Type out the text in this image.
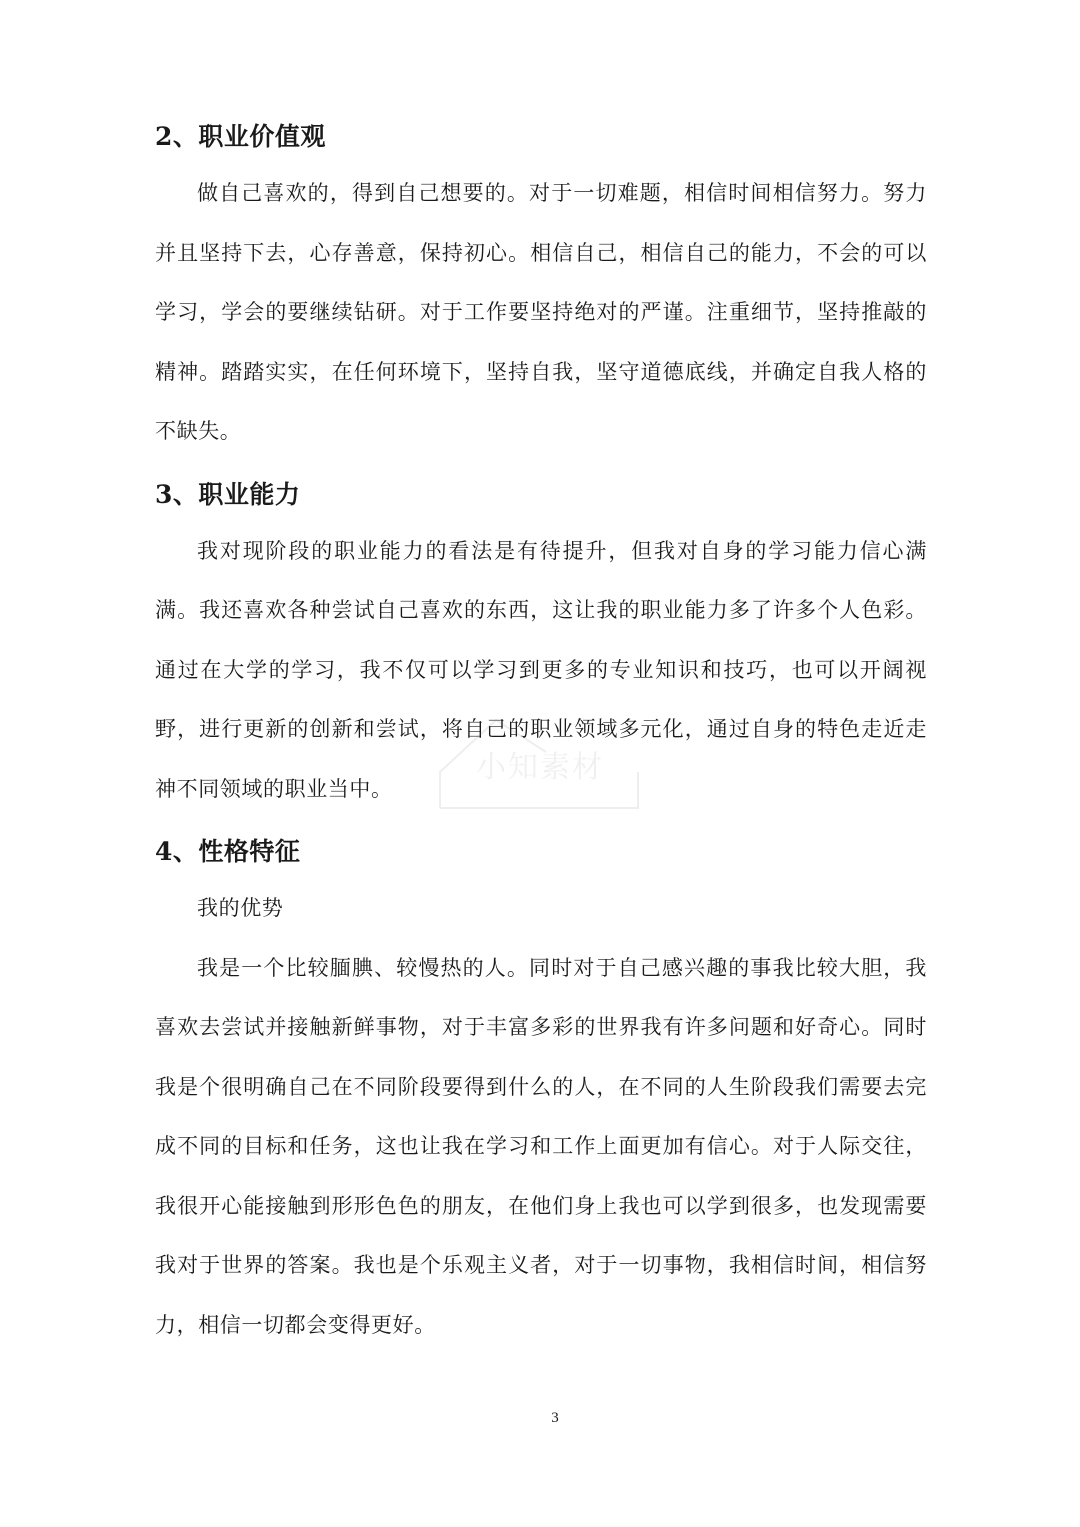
2、职业价值观

做自己喜欢的，得到自己想要的。对于一切难题，相信时间相信努力。努力并且坚持下去，心存善意，保持初心。相信自己，相信自己的能力，不会的可以学习，学会的要继续钻研。对于工作要坚持绝对的严谨。注重细节，坚持推敲的精神。踏踏实实，在任何环境下，坚持自我，坚守道德底线，并确定自我人格的不缺失。

3、职业能力

我对现阶段的职业能力的看法是有待提升，但我对自身的学习能力信心满满。我还喜欢各种尝试自己喜欢的东西，这让我的职业能力多了许多个人色彩。通过在大学的学习，我不仅可以学习到更多的专业知识和技巧，也可以开阔视野，进行更新的创新和尝试，将自己的职业领域多元化，通过自身的特色走近走神不同领域的职业当中。

4、性格特征

我的优势

我是一个比较腼腆、较慢热的人。同时对于自己感兴趣的事我比较大胆，我喜欢去尝试并接触新鲜事物，对于丰富多彩的世界我有许多问题和好奇心。同时我是个很明确自己在不同阶段要得到什么的人，在不同的人生阶段我们需要去完成不同的目标和任务，这也让我在学习和工作上面更加有信心。对于人际交往，我很开心能接触到形形色色的朋友，在他们身上我也可以学到很多，也发现需要我对于世界的答案。我也是个乐观主义者，对于一切事物，我相信时间，相信努力，相信一切都会变得更好。

小知素材
3
